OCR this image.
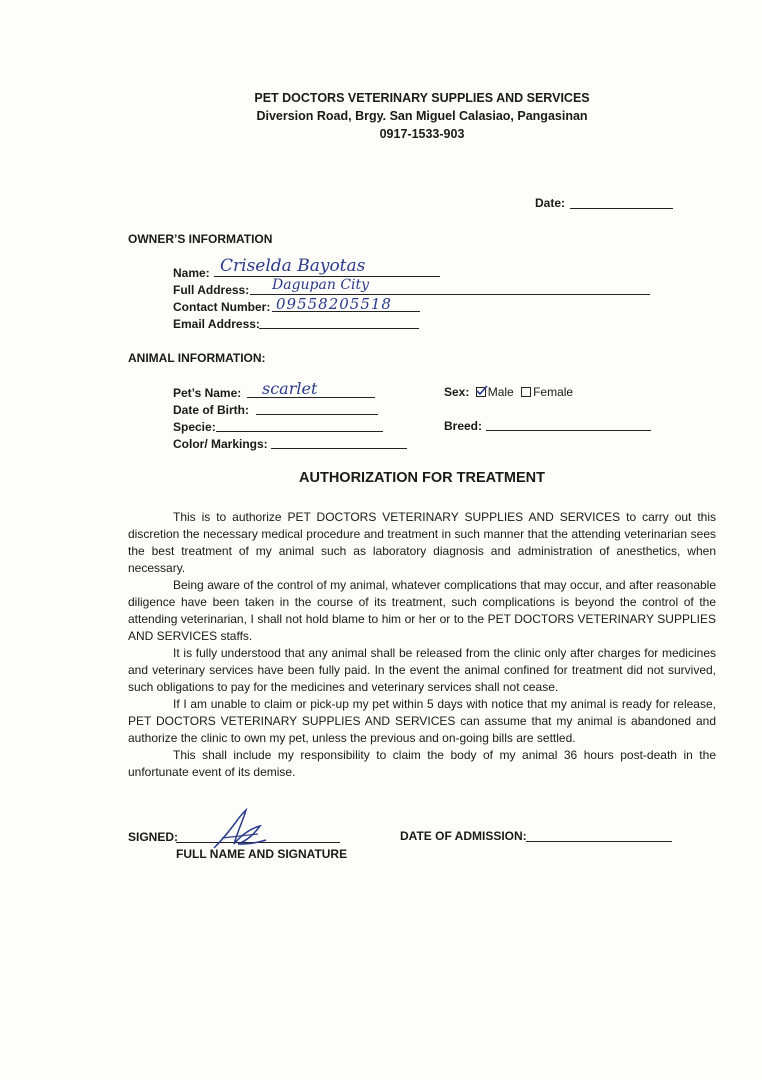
PET DOCTORS VETERINARY SUPPLIES AND SERVICES
Diversion Road, Brgy. San Miguel Calasiao, Pangasinan
0917-1533-903
Date:
OWNER’S INFORMATION
Name: Criselda Bayotas
Full Address: Dagupan City
Contact Number: 09558205518
Email Address:
ANIMAL INFORMATION:
Pet’s Name: scarlet
Date of Birth:
Specie:
Color/ Markings:
Sex: Male Female
Breed:
AUTHORIZATION FOR TREATMENT

This is to authorize PET DOCTORS VETERINARY SUPPLIES AND SERVICES to carry out this discretion the necessary medical procedure and treatment in such manner that the attending veterinarian sees the best treatment of my animal such as laboratory diagnosis and administration of anesthetics, when necessary.

Being aware of the control of my animal, whatever complications that may occur, and after reasonable diligence have been taken in the course of its treatment, such complications is beyond the control of the attending veterinarian, I shall not hold blame to him or her or to the PET DOCTORS VETERINARY SUPPLIES AND SERVICES staffs.

It is fully understood that any animal shall be released from the clinic only after charges for medicines and veterinary services have been fully paid. In the event the animal confined for treatment did not survived, such obligations to pay for the medicines and veterinary services shall not cease.

If I am unable to claim or pick-up my pet within 5 days with notice that my animal is ready for release, PET DOCTORS VETERINARY SUPPLIES AND SERVICES can assume that my animal is abandoned and authorize the clinic to own my pet, unless the previous and on-going bills are settled.

This shall include my responsibility to claim the body of my animal 36 hours post-death in the unfortunate event of its demise.

SIGNED:
FULL NAME AND SIGNATURE
DATE OF ADMISSION:
